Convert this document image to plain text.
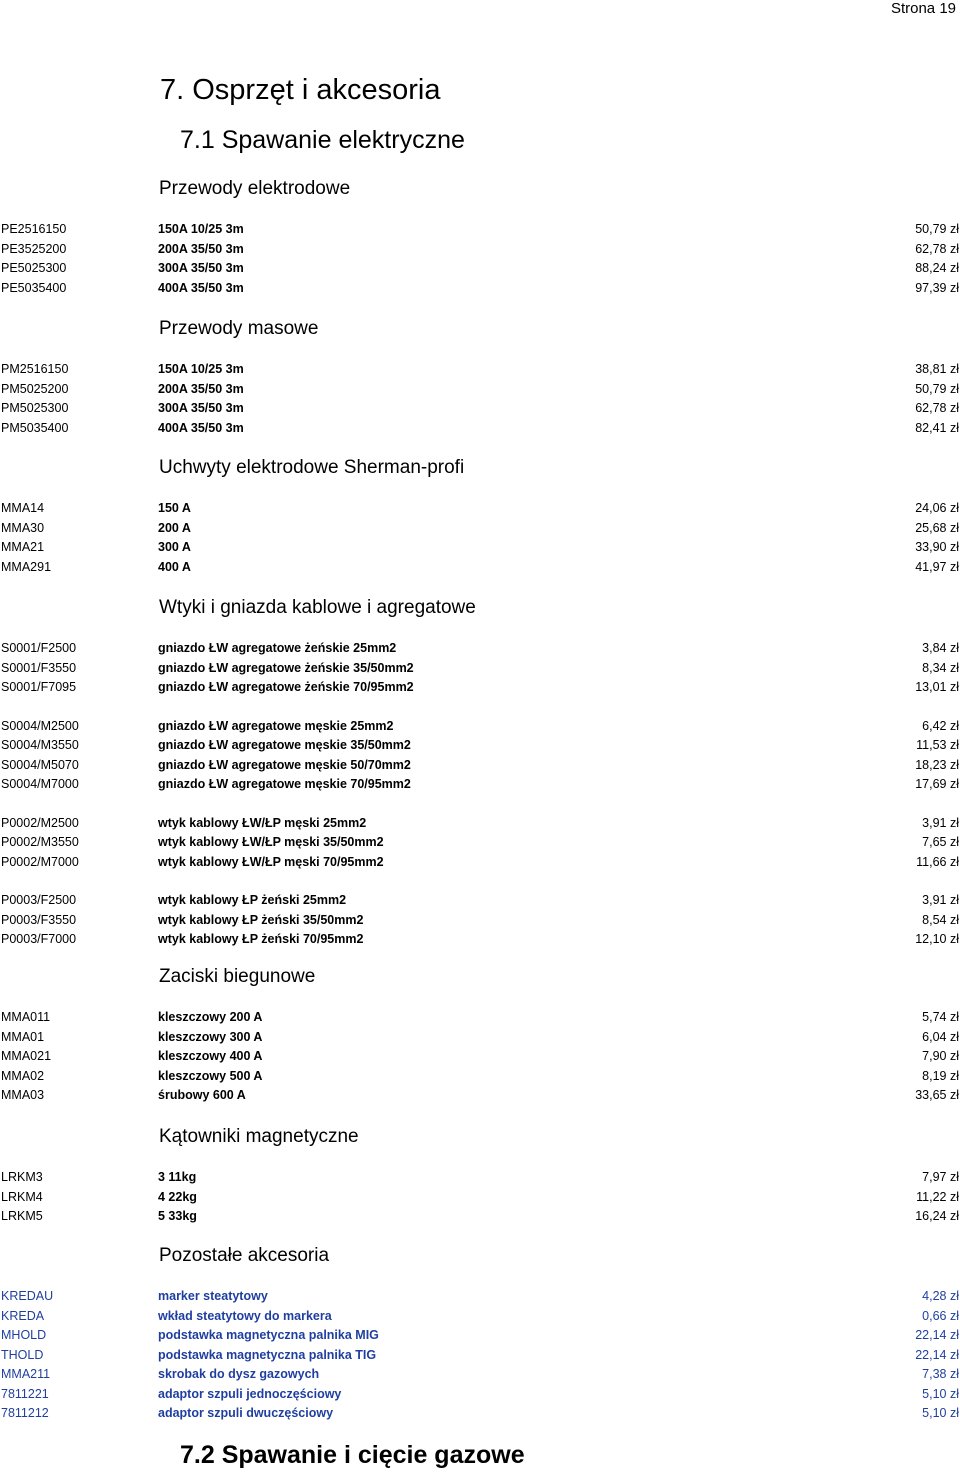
Strona 19
7. Osprzęt i akcesoria
7.1 Spawanie elektryczne
Przewody elektrodowe
PE2516150	150A 10/25 3m	50,79 zł
PE3525200	200A 35/50 3m	62,78 zł
PE5025300	300A 35/50 3m	88,24 zł
PE5035400	400A 35/50 3m	97,39 zł
Przewody masowe
PM2516150	150A 10/25 3m	38,81 zł
PM5025200	200A 35/50 3m	50,79 zł
PM5025300	300A 35/50 3m	62,78 zł
PM5035400	400A 35/50 3m	82,41 zł
Uchwyty elektrodowe Sherman-profi
MMA14	150 A	24,06 zł
MMA30	200 A	25,68 zł
MMA21	300 A	33,90 zł
MMA291	400 A	41,97 zł
Wtyki i gniazda kablowe i agregatowe
S0001/F2500	gniazdo ŁW agregatowe żeńskie 25mm2	3,84 zł
S0001/F3550	gniazdo ŁW agregatowe żeńskie 35/50mm2	8,34 zł
S0001/F7095	gniazdo ŁW agregatowe żeńskie 70/95mm2	13,01 zł
S0004/M2500	gniazdo ŁW agregatowe męskie 25mm2	6,42 zł
S0004/M3550	gniazdo ŁW agregatowe męskie 35/50mm2	11,53 zł
S0004/M5070	gniazdo ŁW agregatowe męskie 50/70mm2	18,23 zł
S0004/M7000	gniazdo ŁW agregatowe męskie 70/95mm2	17,69 zł
P0002/M2500	wtyk kablowy ŁW/ŁP męski 25mm2	3,91 zł
P0002/M3550	wtyk kablowy ŁW/ŁP męski 35/50mm2	7,65 zł
P0002/M7000	wtyk kablowy ŁW/ŁP męski 70/95mm2	11,66 zł
P0003/F2500	wtyk kablowy ŁP żeński 25mm2	3,91 zł
P0003/F3550	wtyk kablowy ŁP żeński 35/50mm2	8,54 zł
P0003/F7000	wtyk kablowy ŁP żeński 70/95mm2	12,10 zł
Zaciski biegunowe
MMA011	kleszczowy 200 A	5,74 zł
MMA01	kleszczowy 300 A	6,04 zł
MMA021	kleszczowy 400 A	7,90 zł
MMA02	kleszczowy 500 A	8,19 zł
MMA03	śrubowy 600 A	33,65 zł
Kątowniki magnetyczne
LRKM3	3 11kg	7,97 zł
LRKM4	4 22kg	11,22 zł
LRKM5	5 33kg	16,24 zł
Pozostałe akcesoria
KREDAU	marker steatytowy	4,28 zł
KREDA	wkład steatytowy do markera	0,66 zł
MHOLD	podstawka magnetyczna palnika MIG	22,14 zł
THOLD	podstawka magnetyczna palnika TIG	22,14 zł
MMA211	skrobak do dysz gazowych	7,38 zł
7811221	adaptor szpuli jednoczęściowy	5,10 zł
7811212	adaptor szpuli dwuczęściowy	5,10 zł
7.2 Spawanie i cięcie gazowe
